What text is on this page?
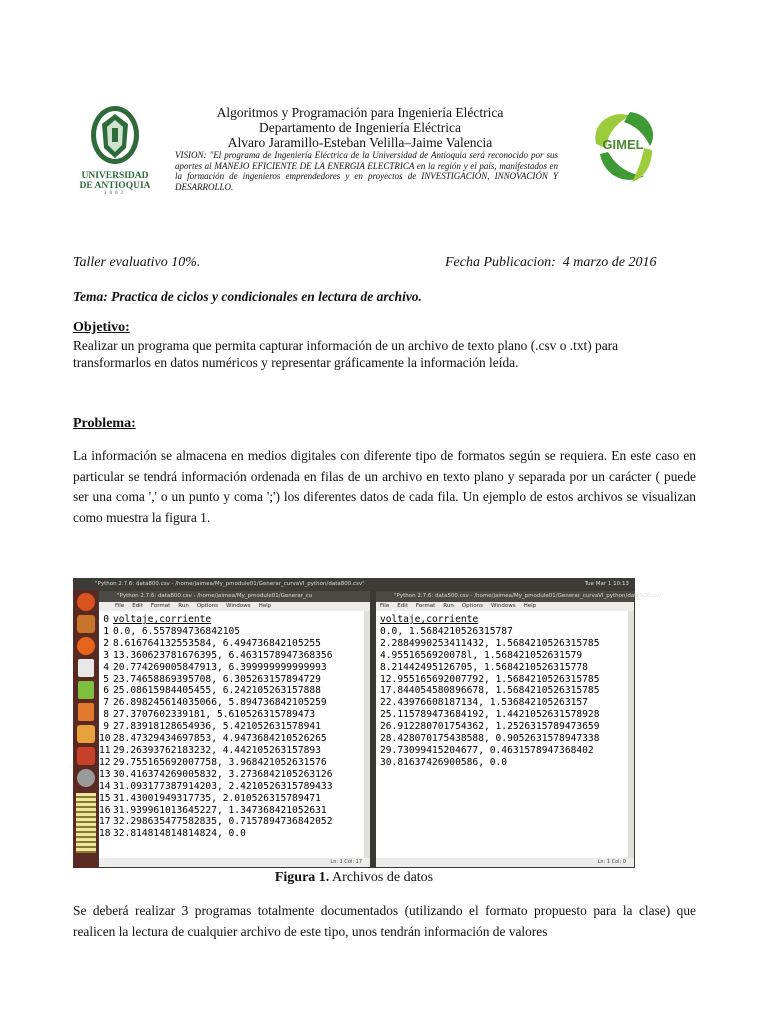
UNIVERSIDAD
DE ANTIOQUIA
1803
Algoritmos y Programación para Ingeniería Eléctrica
Departamento de Ingeniería Eléctrica
Alvaro Jaramillo-Esteban Velilla–Jaime Valencia
VISION: "El programa de Ingeniería Eléctrica de la Universidad de Antioquia será reconocido por sus aportes al MANEJO EFICIENTE DE LA ENERGIA ELECTRICA en la región y el país, manifestados en la formación de ingenieros emprendedores y en proyectos de INVESTIGACIÓN, INNOVACIÓN Y DESARROLLO.
GIMEL
Taller evaluativo 10%.	Fecha Publicacion: 4 marzo de 2016
Tema: Practica de ciclos y condicionales en lectura de archivo.
Objetivo:
Realizar un programa que permita capturar información de un archivo de texto plano (.csv o .txt) para transformarlos en datos numéricos y representar gráficamente la información leída.
Problema:
La información se almacena en medios digitales con diferente tipo de formatos según se requiera. En este caso en particular se tendrá información ordenada en filas de un archivo en texto plano y separada por un carácter ( puede ser una coma ',' o un punto y coma ';') los diferentes datos de cada fila. Un ejemplo de estos archivos se visualizan como muestra la figura 1.
"Python 2.7.6: data800.csv - /home/jaimea/My_pmodule01/Generar_curvaVI_python/data800.csv"	Tue Mar 1 10:13
"Python 2.7.6: data800.csv - /home/jaimea/My_pmodule01/Generar_cu
File Edit Format Run Options Windows Help
0
1
2
3
4
5
6
7
8
9
10
11
12
13
14
15
16
17
18
voltaje,corriente
0.0, 6.557894736842105
8.616764132553584, 6.494736842105255
13.360623781676395, 6.4631578947368356
20.774269005847913, 6.399999999999993
23.74658869395708, 6.305263157894729
25.08615984405455, 6.242105263157888
26.898245614035066, 5.894736842105259
27.3707602339181, 5.610526315789473
27.83918128654936, 5.421052631578941
28.47329434697853, 4.9473684210526265
29.26393762183232, 4.442105263157893
29.755165692007758, 3.968421052631576
30.416374269005832, 3.2736842105263126
31.093177387914203, 2.4210526315789433
31.43001949317735, 2.010526315789471
31.939961013645227, 1.347368421052631
32.298635477582835, 0.7157894736842052
32.81481481481482​4, 0.0
Ln: 1 Col: 17
"Python 2.7.6: data500.csv - /home/jaimea/My_pmodule01/Generar_curvaVI_python/data500.csv"
File Edit Format Run Options Windows Help
voltaje,corriente
0.0, 1.5684210526315787
2.2884990253411432, 1.5684210526315785
4.9551656920078l, 1.568421052631579
8.21442495126705, 1.5684210526315778
12.955165692007792, 1.5684210526315785
17.844054580896678, 1.5684210526315785
22.43976608187134, 1.536842105263157
25.115789473684192, 1.4421052631578928
26.912280701754362, 1.2526315789473659
28.428070175438588, 0.9052631578947338
29.73099415204677, 0.4631578947368402
30.81637426900586, 0.0
Ln: 1 Col: 0
Figura 1. Archivos de datos
Se deberá realizar 3 programas totalmente documentados (utilizando el formato propuesto para la clase) que realicen la lectura de cualquier archivo de este tipo, unos tendrán información de valores
